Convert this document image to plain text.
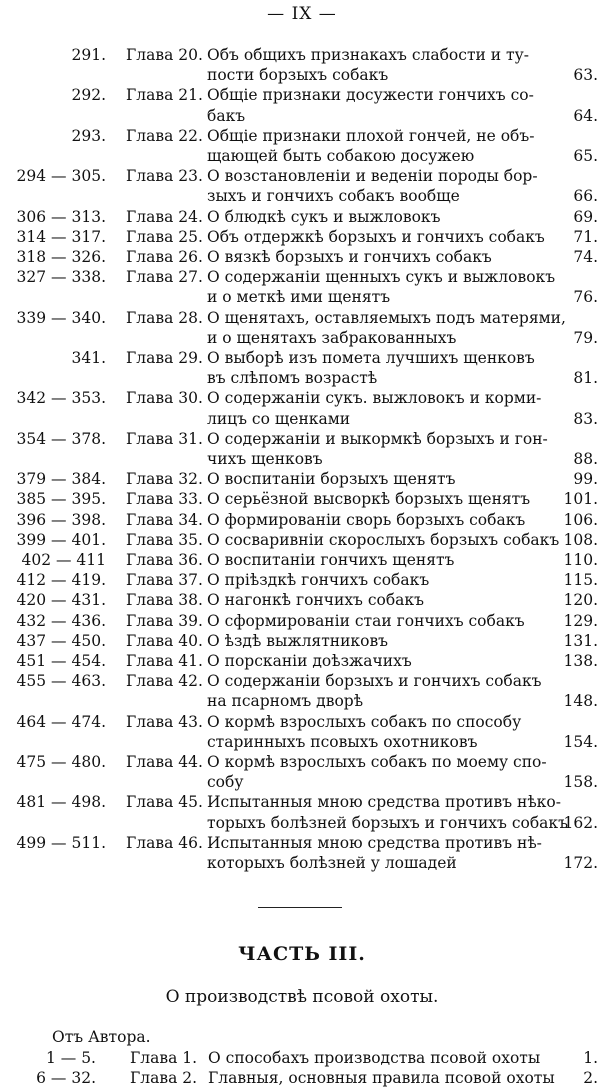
— IX —
291. Глава 20. Объ общихъ признакахъ слабости и ту-
пости борзыхъ собакъ	63.
292. Глава 21. Общiе признаки досужести гончихъ со-
бакъ	64.
293. Глава 22. Общiе признаки плохой гончей, не объ-
щающей быть собакою досужею	65.
294 — 305. Глава 23. О возстановленiи и веденiи породы бор-
зыхъ и гончихъ собакъ вообще	66.
306 — 313. Глава 24. О блюдкѣ сукъ и выжловокъ	69.
314 — 317. Глава 25. Объ отдержкѣ борзыхъ и гончихъ собакъ 71.
318 — 326. Глава 26. О вязкѣ борзыхъ и гончихъ собакъ	74.
327 — 338. Глава 27. О содержанiи щенныхъ сукъ и выжловокъ
и о меткѣ ими щенятъ	76.
339 — 340. Глава 28. О щенятахъ, оставляемыхъ подъ матерями,
и о щенятахъ забракованныхъ	79.
341. Глава 29. О выборѣ изъ помета лучшихъ щенковъ
въ слѣпомъ возрастѣ	81.
342 — 353. Глава 30. О содержанiи сукъ. выжловокъ и корми-
лицъ со щенками	83.
354 — 378. Глава 31. О содержанiи и выкормкѣ борзыхъ и гон-
чихъ щенковъ	88.
379 — 384. Глава 32. О воспитанiи борзыхъ щенятъ	99.
385 — 395. Глава 33. О серьёзной высворкѣ борзыхъ щенятъ 101.
396 — 398. Глава 34. О формированiи сворь борзыхъ собакъ 106.
399 — 401. Глава 35. О сосваривнiи скорослыхъ борзыхъ собакъ 108.
402 — 411 Глава 36. О воспитанiи гончихъ щенятъ	110.
412 — 419. Глава 37. О прiѣздкѣ гончихъ собакъ	115.
420 — 431. Глава 38. О нагонкѣ гончихъ собакъ	120.
432 — 436. Глава 39. О сформированiи стаи гончихъ собакъ	129.
437 — 450. Глава 40. О ѣздѣ выжлятниковъ	131.
451 — 454. Глава 41. О порсканiи доѣзжачихъ	138.
455 — 463. Глава 42. О содержанiи борзыхъ и гончихъ собакъ
на псарномъ дворѣ	148.
464 — 474. Глава 43. О кормѣ взрослыхъ собакъ по способу
старинныхъ псовыхъ охотниковъ	154.
475 — 480. Глава 44. О кормѣ взрослыхъ собакъ по моему спо-
собу	158.
481 — 498. Глава 45. Испытанныя мною средства противъ нѣко-
торыхъ болѣзней борзыхъ и гончихъ собакъ
162.
499 — 511. Глава 46. Испытанныя мною средства противъ нѣ-
которыхъ болѣзней у лошадей	172.
ЧАСТЬ III.
О производствѣ псовой охоты.
Отъ Автора.
1 — 5. Глава 1. О способахъ производства псовой охоты	1.
6 — 32. Глава 2. Главныя, основныя правила псовой охоты 2.
